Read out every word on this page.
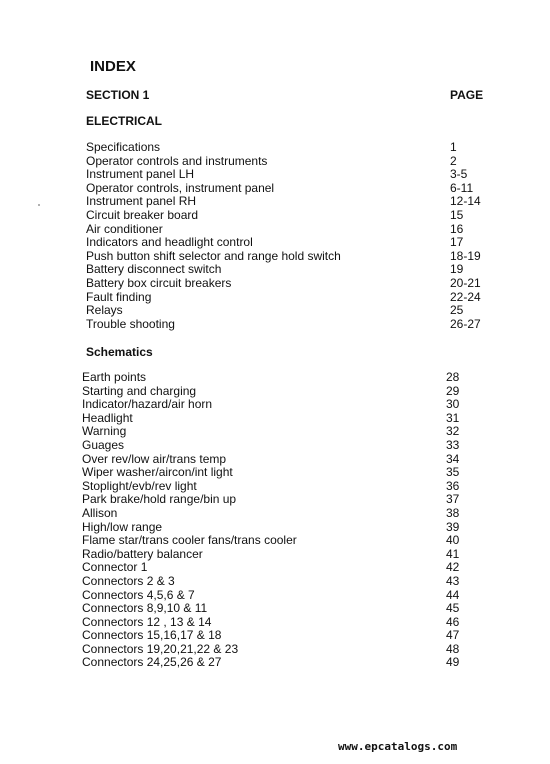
INDEX
SECTION 1	PAGE
ELECTRICAL
Specifications	1
Operator controls and instruments	2
Instrument panel LH	3-5
Operator controls, instrument panel	6-11
Instrument panel RH	12-14
Circuit breaker board	15
Air conditioner	16
Indicators and headlight control	17
Push button shift selector and range hold switch	18-19
Battery disconnect switch	19
Battery box circuit breakers	20-21
Fault finding	22-24
Relays	25
Trouble shooting	26-27
Schematics
Earth points	28
Starting and charging	29
Indicator/hazard/air horn	30
Headlight	31
Warning	32
Guages	33
Over rev/low air/trans temp	34
Wiper washer/aircon/int light	35
Stoplight/evb/rev light	36
Park brake/hold range/bin up	37
Allison	38
High/low range	39
Flame star/trans cooler fans/trans cooler	40
Radio/battery balancer	41
Connector 1	42
Connectors 2 & 3	43
Connectors 4,5,6 & 7	44
Connectors 8,9,10 & 11	45
Connectors 12 , 13 & 14	46
Connectors 15,16,17 & 18	47
Connectors 19,20,21,22 & 23	48
Connectors 24,25,26 & 27	49
www.epcatalogs.com
